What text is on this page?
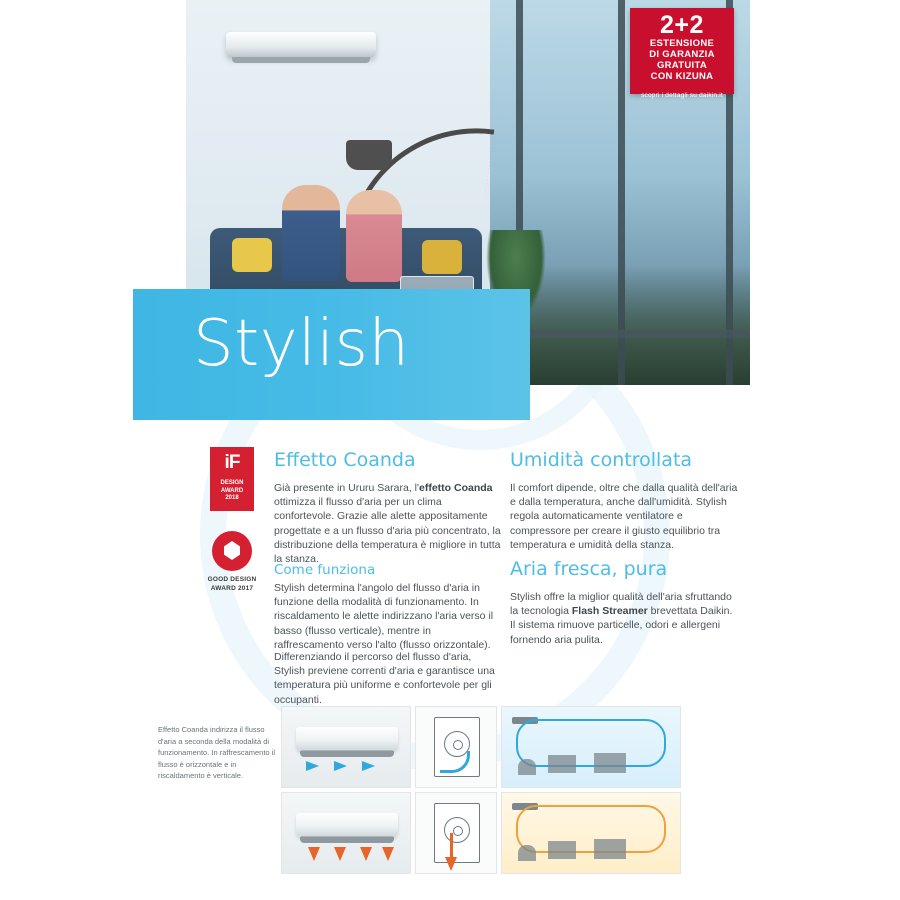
2+2
ESTENSIONE
DI GARANZIA
GRATUITA
CON KIZUNA
scopri i dettagli su daikin.it
Stylish
iF
DESIGN
AWARD
2018
GOOD DESIGN
AWARD 2017
Effetto Coanda
Già presente in Ururu Sarara, l'effetto Coanda ottimizza il flusso d'aria per un clima confortevole. Grazie alle alette appositamente progettate e a un flusso d'aria più concentrato, la distribuzione della temperatura è migliore in tutta la stanza.
Come funziona
Stylish determina l'angolo del flusso d'aria in funzione della modalità di funzionamento. In riscaldamento le alette indirizzano l'aria verso il basso (flusso verticale), mentre in raffrescamento verso l'alto (flusso orizzontale).
Differenziando il percorso del flusso d'aria, Stylish previene correnti d'aria e garantisce una temperatura più uniforme e confortevole per gli occupanti.
Umidità controllata
Il comfort dipende, oltre che dalla qualità dell'aria e dalla temperatura, anche dall'umidità. Stylish regola automaticamente ventilatore e compressore per creare il giusto equilibrio tra temperatura e umidità della stanza.
Aria fresca, pura
Stylish offre la miglior qualità dell'aria sfruttando la tecnologia Flash Streamer brevettata Daikin. Il sistema rimuove particelle, odori e allergeni fornendo aria pulita.
Effetto Coanda indirizza il flusso d'aria a seconda della modalità di funzionamento. In raffrescamento il flusso è orizzontale e in riscaldamento è verticale.
